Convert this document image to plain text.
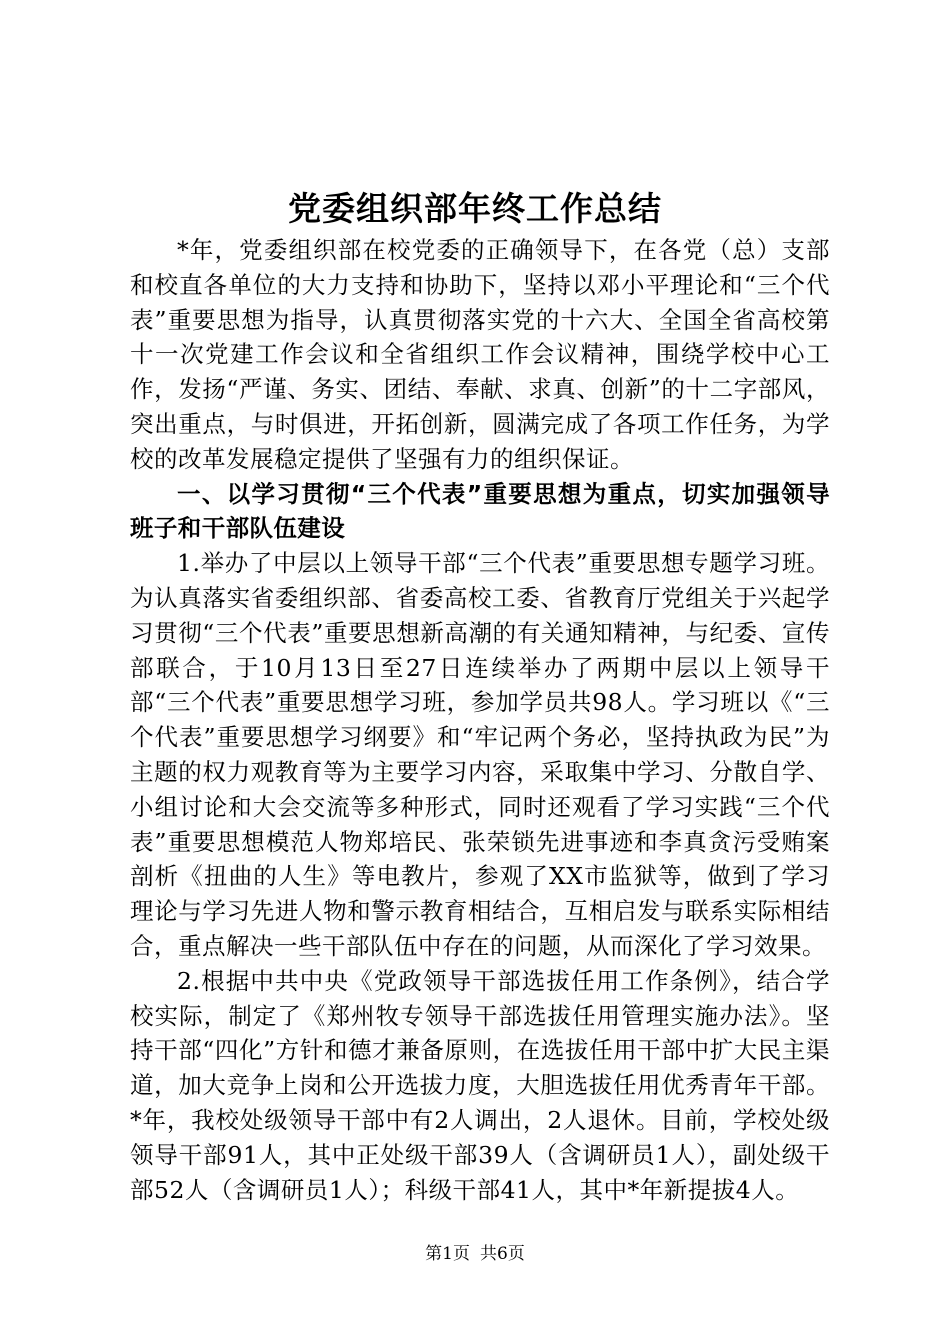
党委组织部年终工作总结

*年，党委组织部在校党委的正确领导下，在各党（总）支部和校直各单位的大力支持和协助下，坚持以邓小平理论和“三个代表”重要思想为指导，认真贯彻落实党的十六大、全国全省高校第十一次党建工作会议和全省组织工作会议精神，围绕学校中心工作，发扬“严谨、务实、团结、奉献、求真、创新”的十二字部风，突出重点，与时俱进，开拓创新，圆满完成了各项工作任务，为学校的改革发展稳定提供了坚强有力的组织保证。

一、以学习贯彻“三个代表”重要思想为重点，切实加强领导班子和干部队伍建设

1.举办了中层以上领导干部“三个代表”重要思想专题学习班。为认真落实省委组织部、省委高校工委、省教育厅党组关于兴起学习贯彻“三个代表”重要思想新高潮的有关通知精神，与纪委、宣传部联合，于10月13日至27日连续举办了两期中层以上领导干部“三个代表”重要思想学习班，参加学员共98人。学习班以《“三个代表”重要思想学习纲要》和“牢记两个务必，坚持执政为民”为主题的权力观教育等为主要学习内容，采取集中学习、分散自学、小组讨论和大会交流等多种形式，同时还观看了学习实践“三个代表”重要思想模范人物郑培民、张荣锁先进事迹和李真贪污受贿案剖析《扭曲的人生》等电教片，参观了XX市监狱等，做到了学习理论与学习先进人物和警示教育相结合，互相启发与联系实际相结合，重点解决一些干部队伍中存在的问题，从而深化了学习效果。

2.根据中共中央《党政领导干部选拔任用工作条例》，结合学校实际，制定了《郑州牧专领导干部选拔任用管理实施办法》。坚持干部“四化”方针和德才兼备原则，在选拔任用干部中扩大民主渠道，加大竞争上岗和公开选拔力度，大胆选拔任用优秀青年干部。*年，我校处级领导干部中有2人调出，2人退休。目前，学校处级领导干部91人，其中正处级干部39人（含调研员1人），副处级干部52人（含调研员1人）；科级干部41人，其中*年新提拔4人。

第1页 共6页
